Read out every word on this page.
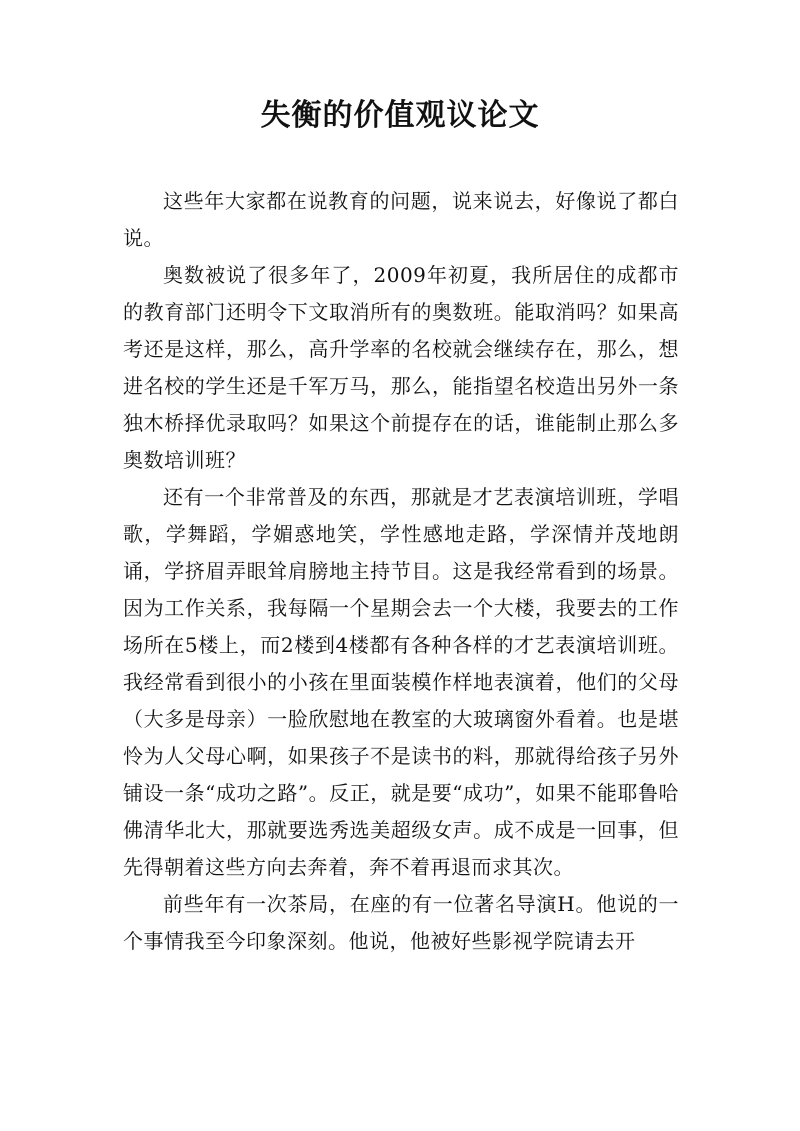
失衡的价值观议论文

这些年大家都在说教育的问题，说来说去，好像说了都白说。

奥数被说了很多年了，2009年初夏，我所居住的成都市的教育部门还明令下文取消所有的奥数班。能取消吗？如果高考还是这样，那么，高升学率的名校就会继续存在，那么，想进名校的学生还是千军万马，那么，能指望名校造出另外一条独木桥择优录取吗？如果这个前提存在的话，谁能制止那么多奥数培训班？

还有一个非常普及的东西，那就是才艺表演培训班，学唱歌，学舞蹈，学媚惑地笑，学性感地走路，学深情并茂地朗诵，学挤眉弄眼耸肩膀地主持节目。这是我经常看到的场景。因为工作关系，我每隔一个星期会去一个大楼，我要去的工作场所在5楼上，而2楼到4楼都有各种各样的才艺表演培训班。我经常看到很小的小孩在里面装模作样地表演着，他们的父母（大多是母亲）一脸欣慰地在教室的大玻璃窗外看着。也是堪怜为人父母心啊，如果孩子不是读书的料，那就得给孩子另外铺设一条“成功之路”。反正，就是要“成功”，如果不能耶鲁哈佛清华北大，那就要选秀选美超级女声。成不成是一回事，但先得朝着这些方向去奔着，奔不着再退而求其次。

前些年有一次茶局，在座的有一位著名导演H。他说的一个事情我至今印象深刻。他说，他被好些影视学院请去开
